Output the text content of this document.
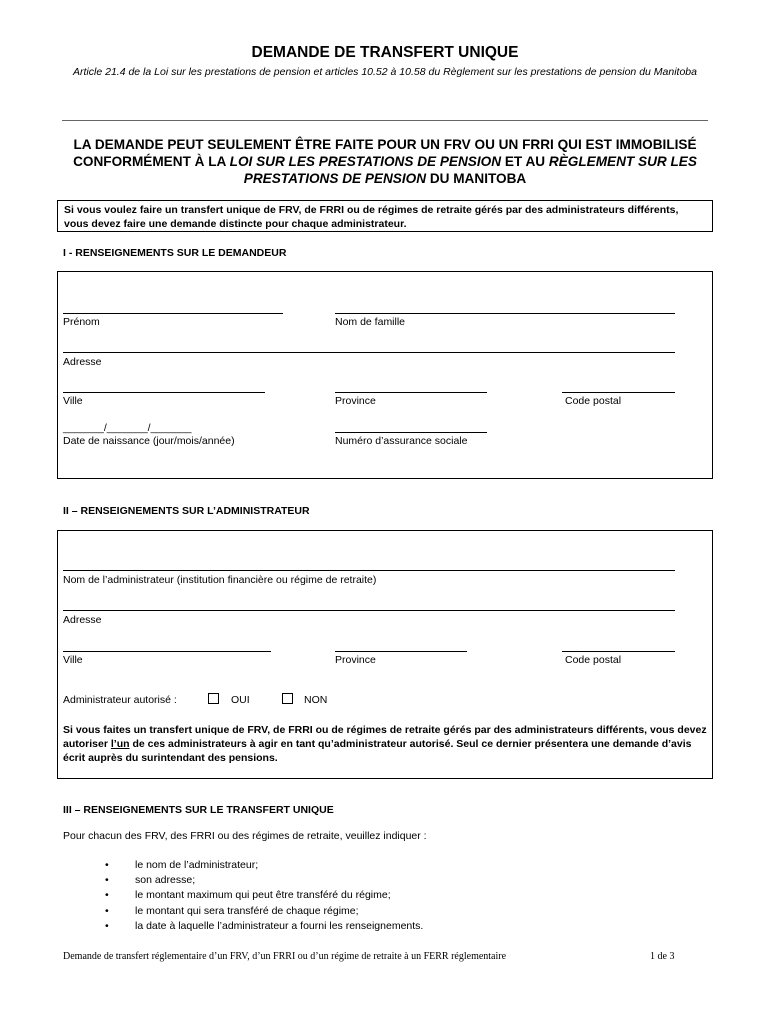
DEMANDE DE TRANSFERT UNIQUE
Article 21.4 de la Loi sur les prestations de pension et articles 10.52 à 10.58 du Règlement sur les prestations de pension du Manitoba
LA DEMANDE PEUT SEULEMENT ÊTRE FAITE POUR UN FRV OU UN FRRI QUI EST IMMOBILISÉ CONFORMÉMENT À LA LOI SUR LES PRESTATIONS DE PENSION ET AU RÈGLEMENT SUR LES PRESTATIONS DE PENSION DU MANITOBA
Si vous voulez faire un transfert unique de FRV, de FRRI ou de régimes de retraite gérés par des administrateurs différents, vous devez faire une demande distincte pour chaque administrateur.
I - RENSEIGNEMENTS SUR LE DEMANDEUR
Prénom	Nom de famille
Adresse
Ville	Province	Code postal
_______/_______/_______
Date de naissance (jour/mois/année)	Numéro d’assurance sociale
II – RENSEIGNEMENTS SUR L’ADMINISTRATEUR
Nom de l’administrateur (institution financière ou régime de retraite)
Adresse
Ville	Province	Code postal
Administrateur autorisé :	OUI	NON
Si vous faites un transfert unique de FRV, de FRRI ou de régimes de retraite gérés par des administrateurs différents, vous devez autoriser l’un de ces administrateurs à agir en tant qu’administrateur autorisé. Seul ce dernier présentera une demande d’avis écrit auprès du surintendant des pensions.
III – RENSEIGNEMENTS SUR LE TRANSFERT UNIQUE
Pour chacun des FRV, des FRRI ou des régimes de retraite, veuillez indiquer :
• le nom de l’administrateur;
• son adresse;
• le montant maximum qui peut être transféré du régime;
• le montant qui sera transféré de chaque régime;
• la date à laquelle l’administrateur a fourni les renseignements.
Demande de transfert réglementaire d’un FRV, d’un FRRI ou d’un régime de retraite à un FERR réglementaire	1 de 3
